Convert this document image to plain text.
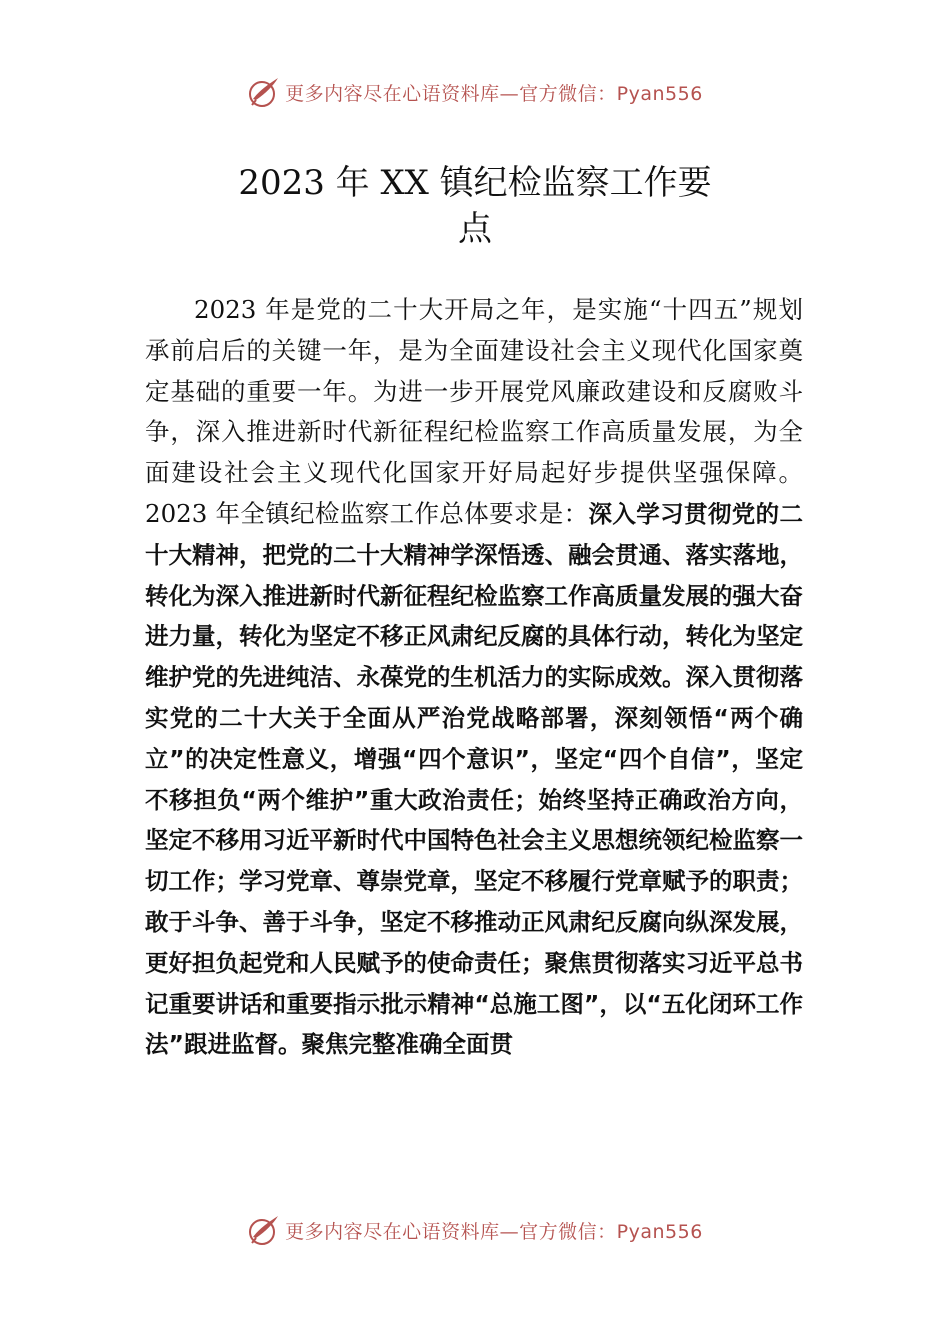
更多内容尽在心语资料库—官方微信：Pyan556
2023 年 XX 镇纪检监察工作要
点

2023 年是党的二十大开局之年，是实施“十四五”规划承前启后的关键一年，是为全面建设社会主义现代化国家奠定基础的重要一年。为进一步开展党风廉政建设和反腐败斗争，深入推进新时代新征程纪检监察工作高质量发展，为全面建设社会主义现代化国家开好局起好步提供坚强保障。2023 年全镇纪检监察工作总体要求是：深入学习贯彻党的二十大精神，把党的二十大精神学深悟透、融会贯通、落实落地，转化为深入推进新时代新征程纪检监察工作高质量发展的强大奋进力量，转化为坚定不移正风肃纪反腐的具体行动，转化为坚定维护党的先进纯洁、永葆党的生机活力的实际成效。深入贯彻落实党的二十大关于全面从严治党战略部署，深刻领悟“两个确立”的决定性意义，增强“四个意识”，坚定“四个自信”，坚定不移担负“两个维护”重大政治责任；始终坚持正确政治方向，坚定不移用习近平新时代中国特色社会主义思想统领纪检监察一切工作；学习党章、尊崇党章，坚定不移履行党章赋予的职责；敢于斗争、善于斗争，坚定不移推动正风肃纪反腐向纵深发展，更好担负起党和人民赋予的使命责任；聚焦贯彻落实习近平总书记重要讲话和重要指示批示精神“总施工图”，以“五化闭环工作法”跟进监督。聚焦完整准确全面贯

更多内容尽在心语资料库—官方微信：Pyan556
